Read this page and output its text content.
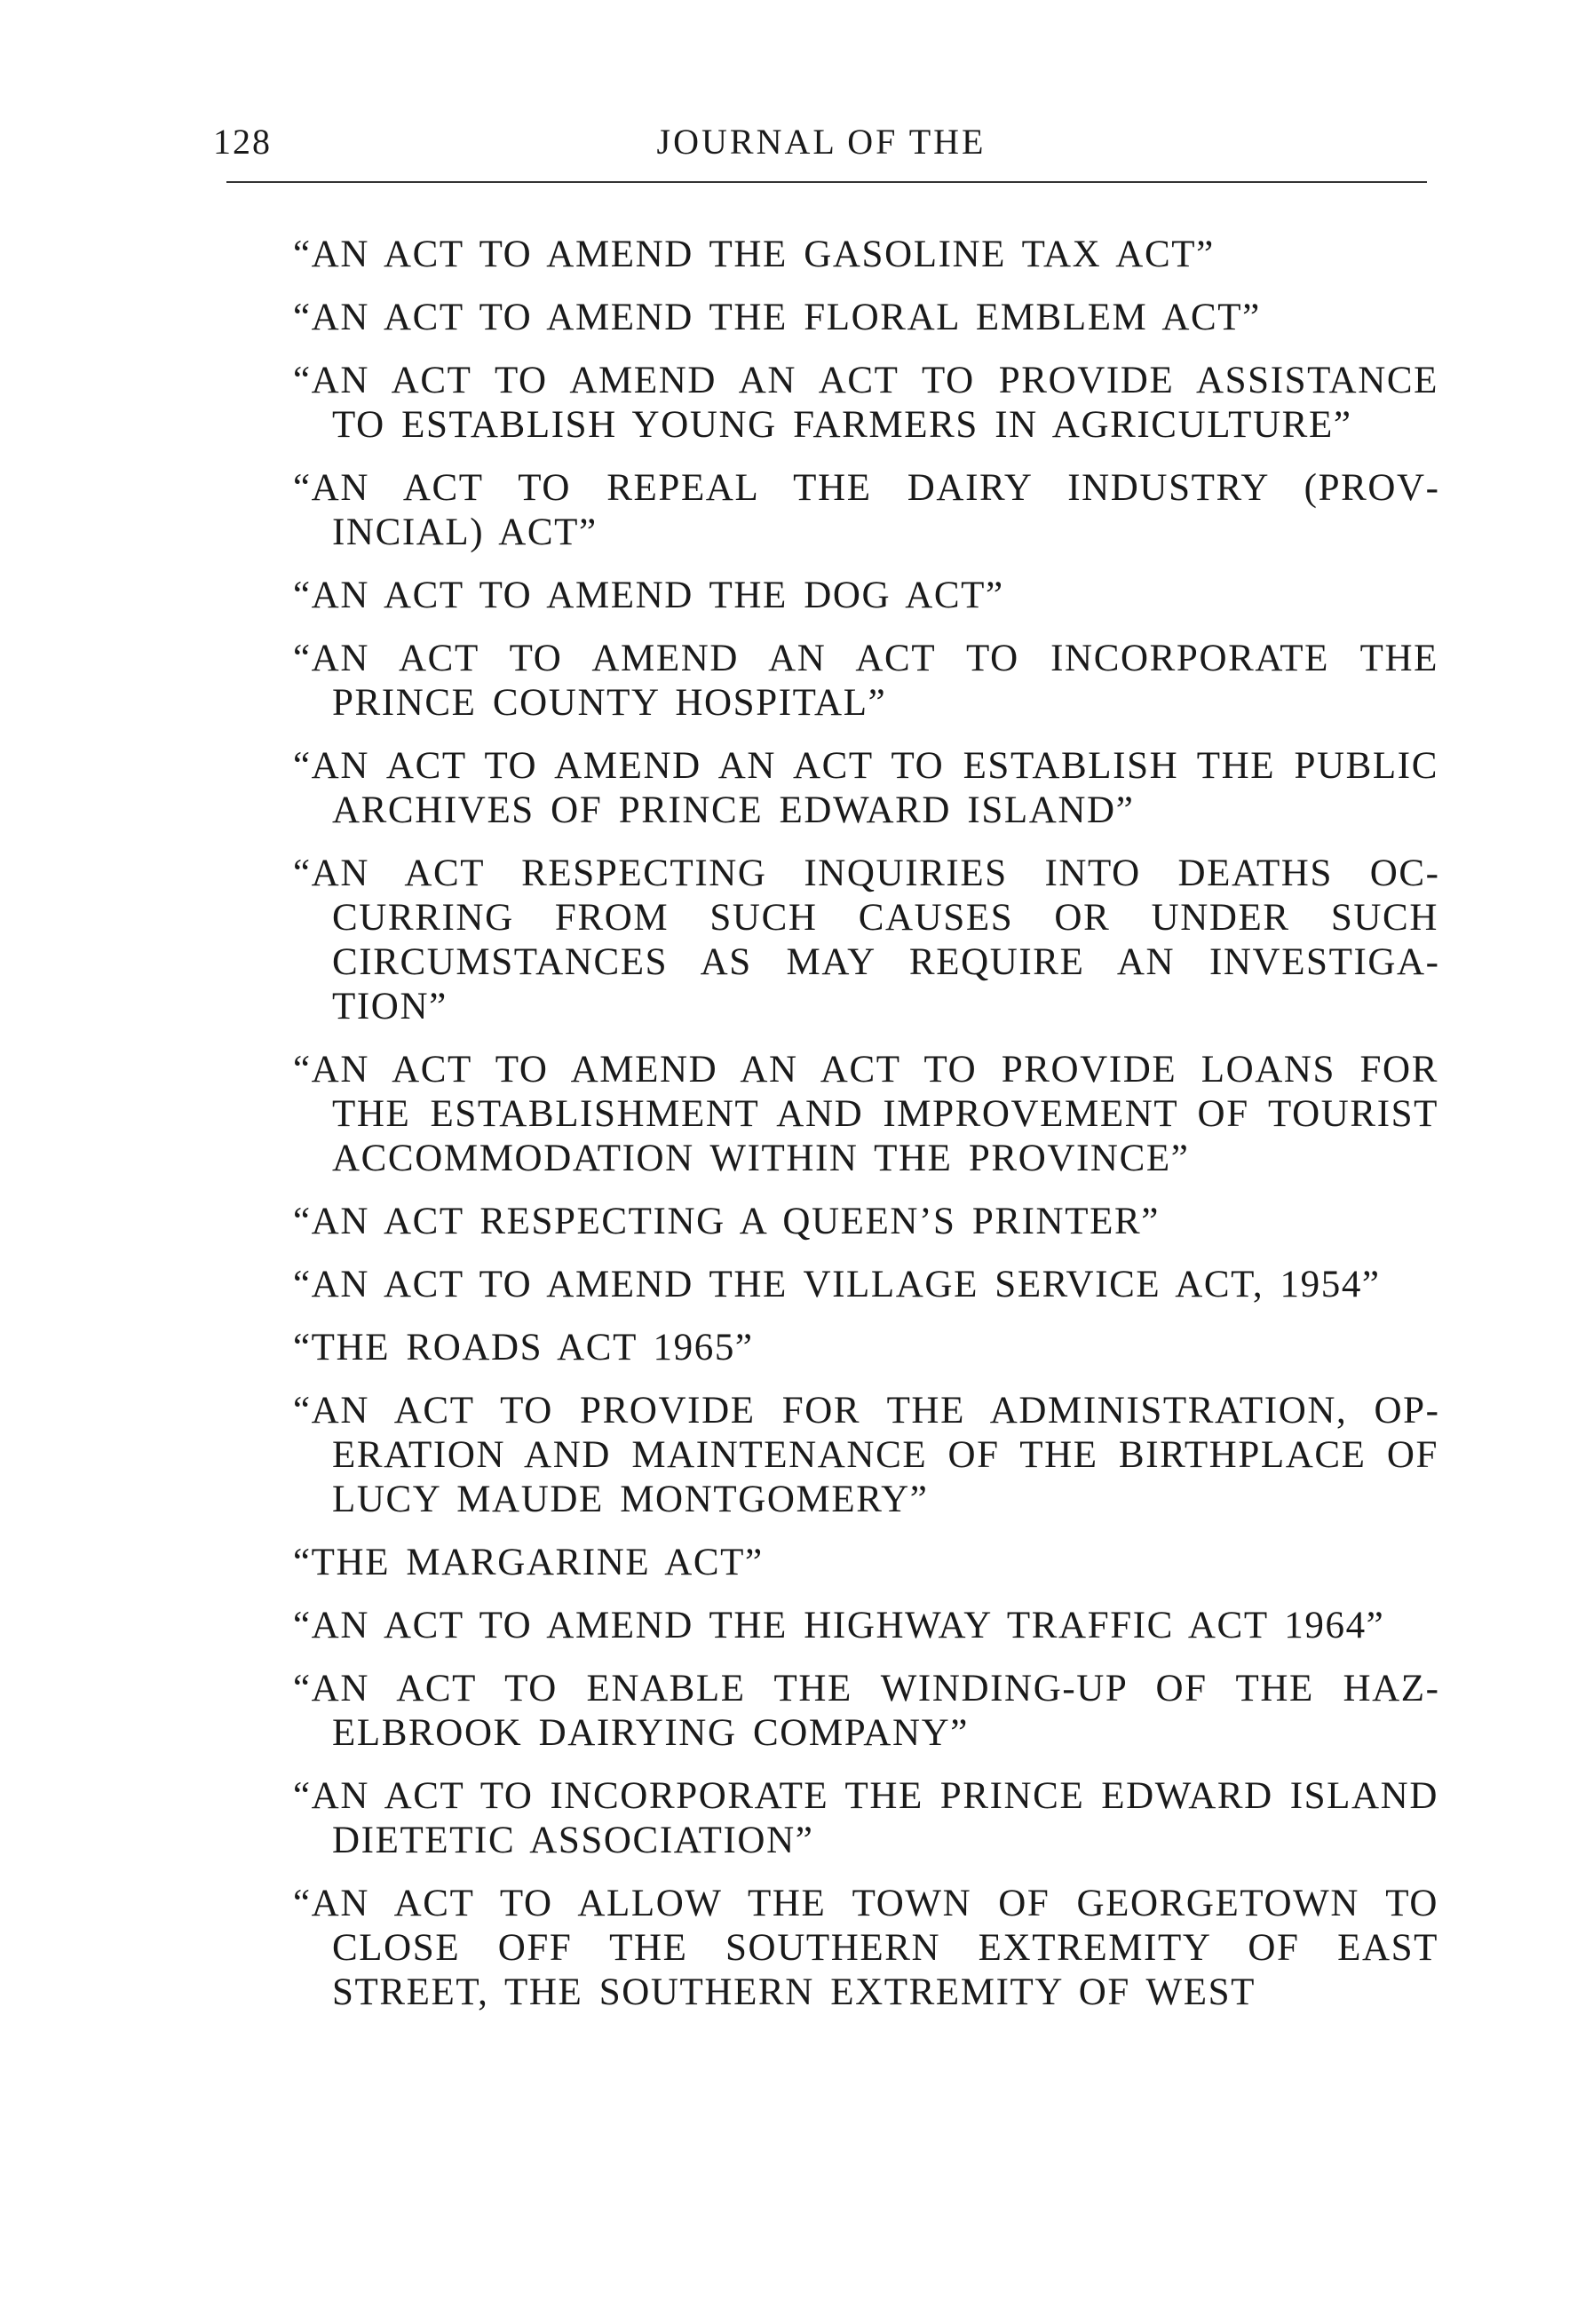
128	JOURNAL OF THE
“AN ACT TO AMEND THE GASOLINE TAX ACT”
“AN ACT TO AMEND THE FLORAL EMBLEM ACT”
“AN ACT TO AMEND AN ACT TO PROVIDE ASSISTANCE TO ESTABLISH YOUNG FARMERS IN AGRICULTURE”
“AN ACT TO REPEAL THE DAIRY INDUSTRY (PROVINCIAL) ACT”
“AN ACT TO AMEND THE DOG ACT”
“AN ACT TO AMEND AN ACT TO INCORPORATE THE PRINCE COUNTY HOSPITAL”
“AN ACT TO AMEND AN ACT TO ESTABLISH THE PUBLIC ARCHIVES OF PRINCE EDWARD ISLAND”
“AN ACT RESPECTING INQUIRIES INTO DEATHS OCCURRING FROM SUCH CAUSES OR UNDER SUCH CIRCUMSTANCES AS MAY REQUIRE AN INVESTIGATION”
“AN ACT TO AMEND AN ACT TO PROVIDE LOANS FOR THE ESTABLISHMENT AND IMPROVEMENT OF TOURIST ACCOMMODATION WITHIN THE PROVINCE”
“AN ACT RESPECTING A QUEEN’S PRINTER”
“AN ACT TO AMEND THE VILLAGE SERVICE ACT, 1954”
“THE ROADS ACT 1965”
“AN ACT TO PROVIDE FOR THE ADMINISTRATION, OPERATION AND MAINTENANCE OF THE BIRTHPLACE OF LUCY MAUDE MONTGOMERY”
“THE MARGARINE ACT”
“AN ACT TO AMEND THE HIGHWAY TRAFFIC ACT 1964”
“AN ACT TO ENABLE THE WINDING-UP OF THE HAZELBROOK DAIRYING COMPANY”
“AN ACT TO INCORPORATE THE PRINCE EDWARD ISLAND DIETETIC ASSOCIATION”
“AN ACT TO ALLOW THE TOWN OF GEORGETOWN TO CLOSE OFF THE SOUTHERN EXTREMITY OF EAST STREET, THE SOUTHERN EXTREMITY OF WEST
